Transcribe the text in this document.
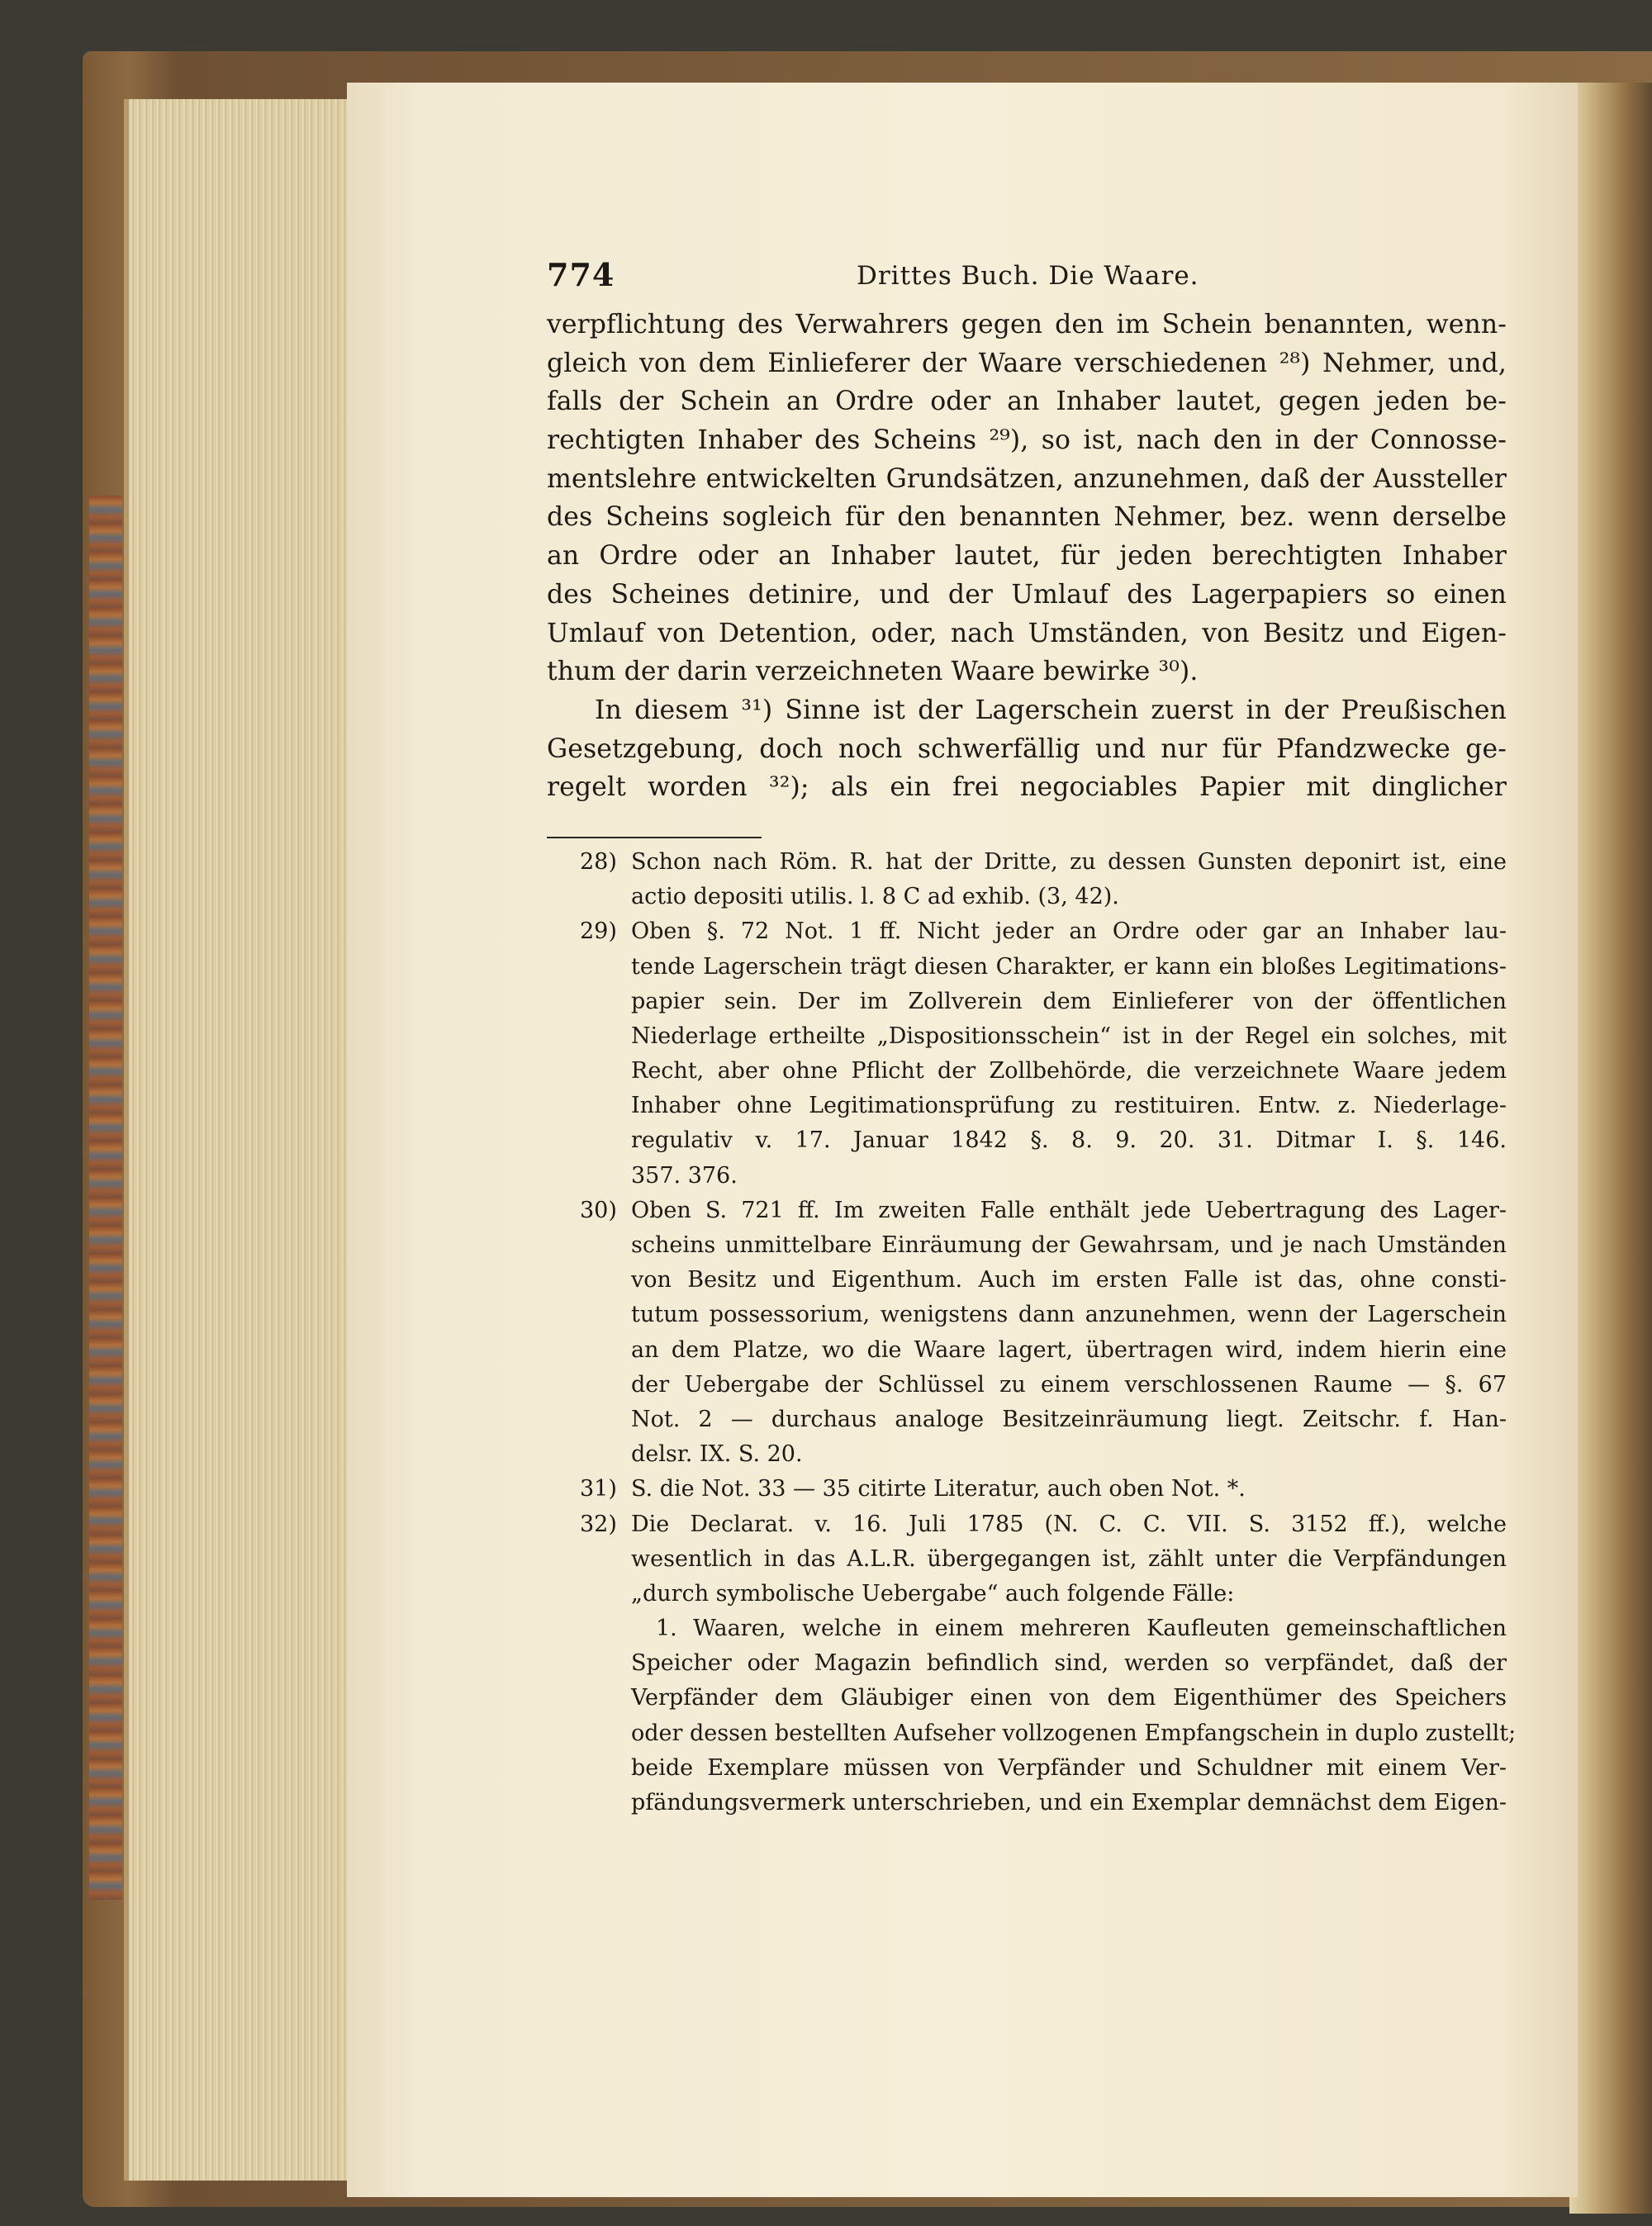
774	Drittes Buch. Die Waare.
verpflichtung des Verwahrers gegen den im Schein benannten, wenn-
gleich von dem Einlieferer der Waare verschiedenen ²⁸) Nehmer, und,
falls der Schein an Ordre oder an Inhaber lautet, gegen jeden be-
rechtigten Inhaber des Scheins ²⁹), so ist, nach den in der Connosse-
mentslehre entwickelten Grundsätzen, anzunehmen, daß der Aussteller
des Scheins sogleich für den benannten Nehmer, bez. wenn derselbe
an Ordre oder an Inhaber lautet, für jeden berechtigten Inhaber
des Scheines detinire, und der Umlauf des Lagerpapiers so einen
Umlauf von Detention, oder, nach Umständen, von Besitz und Eigen-
thum der darin verzeichneten Waare bewirke ³⁰).
In diesem ³¹) Sinne ist der Lagerschein zuerst in der Preußischen
Gesetzgebung, doch noch schwerfällig und nur für Pfandzwecke ge-
regelt worden ³²); als ein frei negociables Papier mit dinglicher
28) Schon nach Röm. R. hat der Dritte, zu dessen Gunsten deponirt ist, eine
actio depositi utilis. l. 8 C ad exhib. (3, 42).
29) Oben §. 72 Not. 1 ff. Nicht jeder an Ordre oder gar an Inhaber lau-
tende Lagerschein trägt diesen Charakter, er kann ein bloßes Legitimations-
papier sein. Der im Zollverein dem Einlieferer von der öffentlichen
Niederlage ertheilte „Dispositionsschein“ ist in der Regel ein solches, mit
Recht, aber ohne Pflicht der Zollbehörde, die verzeichnete Waare jedem
Inhaber ohne Legitimationsprüfung zu restituiren. Entw. z. Niederlage-
regulativ v. 17. Januar 1842 §. 8. 9. 20. 31. Ditmar I. §. 146.
357. 376.
30) Oben S. 721 ff. Im zweiten Falle enthält jede Uebertragung des Lager-
scheins unmittelbare Einräumung der Gewahrsam, und je nach Umständen
von Besitz und Eigenthum. Auch im ersten Falle ist das, ohne consti-
tutum possessorium, wenigstens dann anzunehmen, wenn der Lagerschein
an dem Platze, wo die Waare lagert, übertragen wird, indem hierin eine
der Uebergabe der Schlüssel zu einem verschlossenen Raume — §. 67
Not. 2 — durchaus analoge Besitzeinräumung liegt. Zeitschr. f. Han-
delsr. IX. S. 20.
31) S. die Not. 33 — 35 citirte Literatur, auch oben Not. *.
32) Die Declarat. v. 16. Juli 1785 (N. C. C. VII. S. 3152 ff.), welche
wesentlich in das A.L.R. übergegangen ist, zählt unter die Verpfändungen
„durch symbolische Uebergabe“ auch folgende Fälle:
1. Waaren, welche in einem mehreren Kaufleuten gemeinschaftlichen
Speicher oder Magazin befindlich sind, werden so verpfändet, daß der
Verpfänder dem Gläubiger einen von dem Eigenthümer des Speichers
oder dessen bestellten Aufseher vollzogenen Empfangschein in duplo zustellt;
beide Exemplare müssen von Verpfänder und Schuldner mit einem Ver-
pfändungsvermerk unterschrieben, und ein Exemplar demnächst dem Eigen-
